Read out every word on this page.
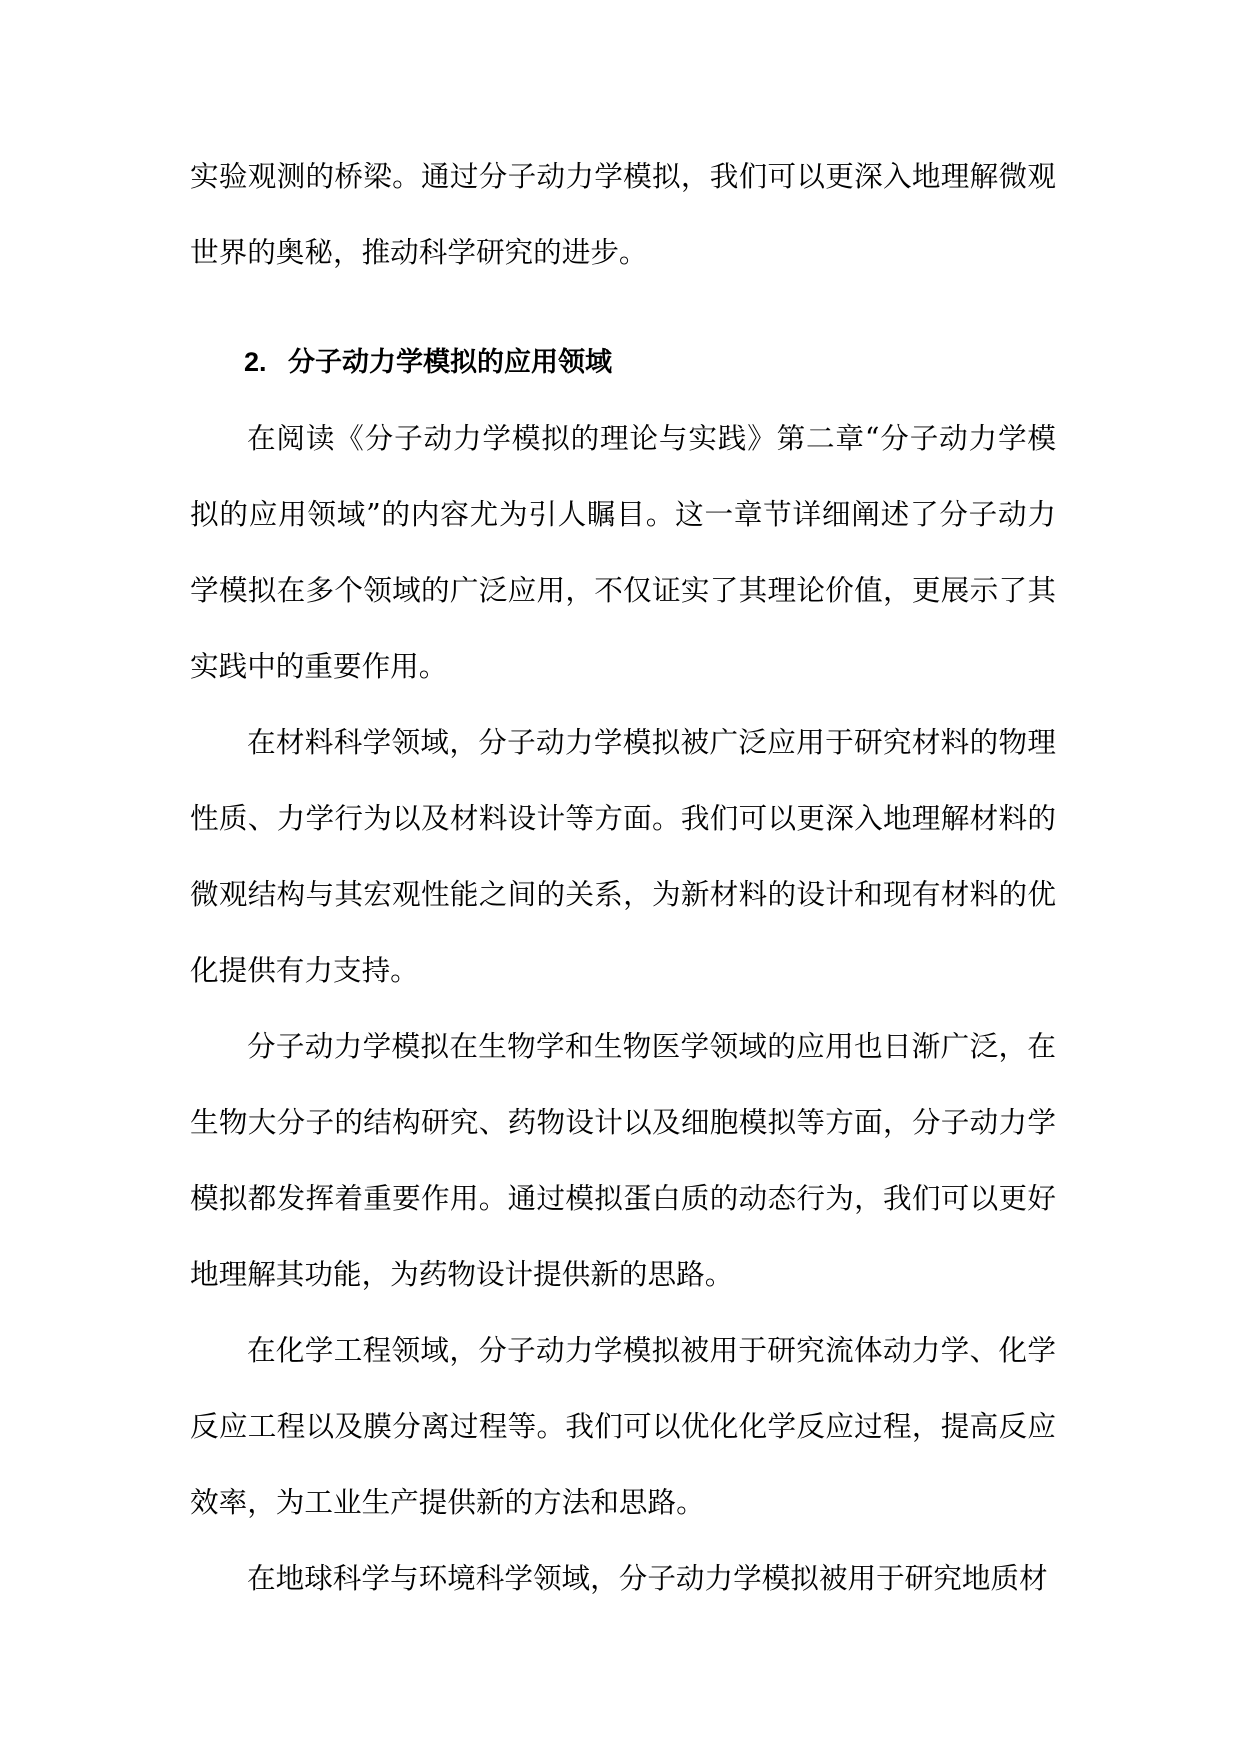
实验观测的桥梁。通过分子动力学模拟，我们可以更深入地理解微观世界的奥秘，推动科学研究的进步。

2. 分子动力学模拟的应用领域

在阅读《分子动力学模拟的理论与实践》第二章“分子动力学模拟的应用领域”的内容尤为引人瞩目。这一章节详细阐述了分子动力学模拟在多个领域的广泛应用，不仅证实了其理论价值，更展示了其实践中的重要作用。

在材料科学领域，分子动力学模拟被广泛应用于研究材料的物理性质、力学行为以及材料设计等方面。我们可以更深入地理解材料的微观结构与其宏观性能之间的关系，为新材料的设计和现有材料的优化提供有力支持。

分子动力学模拟在生物学和生物医学领域的应用也日渐广泛，在生物大分子的结构研究、药物设计以及细胞模拟等方面，分子动力学模拟都发挥着重要作用。通过模拟蛋白质的动态行为，我们可以更好地理解其功能，为药物设计提供新的思路。

在化学工程领域，分子动力学模拟被用于研究流体动力学、化学反应工程以及膜分离过程等。我们可以优化化学反应过程，提高反应效率，为工业生产提供新的方法和思路。

在地球科学与环境科学领域，分子动力学模拟被用于研究地质材
